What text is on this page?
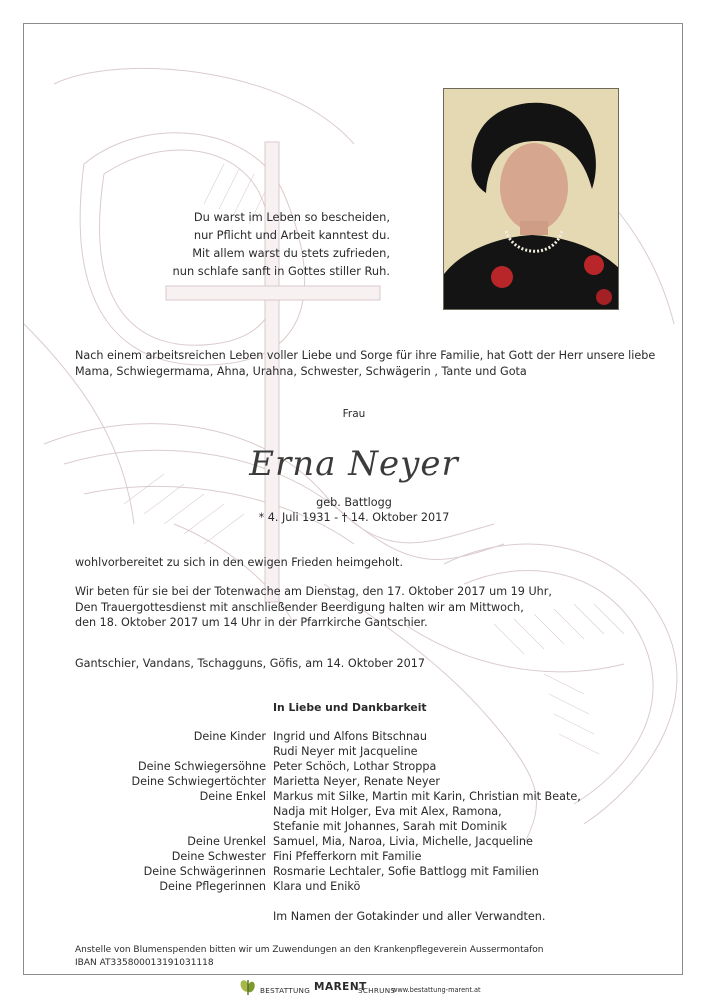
Du warst im Leben so bescheiden,
nur Pflicht und Arbeit kanntest du.
Mit allem warst du stets zufrieden,
nun schlafe sanft in Gottes stiller Ruh.
Nach einem arbeitsreichen Leben voller Liebe und Sorge für ihre Familie, hat Gott der Herr unsere liebe
Mama, Schwiegermama, Ahna, Urahna, Schwester, Schwägerin , Tante und Gota
Frau
Erna Neyer
geb. Battlogg
* 4. Juli 1931 - † 14. Oktober 2017
wohlvorbereitet zu sich in den ewigen Frieden heimgeholt.
Wir beten für sie bei der Totenwache am Dienstag, den 17. Oktober 2017 um 19 Uhr,
Den Trauergottesdienst mit anschließender Beerdigung halten wir am Mittwoch,
den 18. Oktober 2017 um 14 Uhr in der Pfarrkirche Gantschier.
Gantschier, Vandans, Tschagguns, Göfis, am 14. Oktober 2017
In Liebe und Dankbarkeit
Deine Kinder Ingrid und Alfons Bitschnau
Rudi Neyer mit Jacqueline
Deine Schwiegersöhne Peter Schöch, Lothar Stroppa
Deine Schwiegertöchter Marietta Neyer, Renate Neyer
Deine Enkel Markus mit Silke, Martin mit Karin, Christian mit Beate,
Nadja mit Holger, Eva mit Alex, Ramona,
Stefanie mit Johannes, Sarah mit Dominik
Deine Urenkel Samuel, Mia, Naroa, Livia, Michelle, Jacqueline
Deine Schwester Fini Pfefferkorn mit Familie
Deine Schwägerinnen Rosmarie Lechtaler, Sofie Battlogg mit Familien
Deine Pflegerinnen Klara und Enikö
Im Namen der Gotakinder und aller Verwandten.
Anstelle von Blumenspenden bitten wir um Zuwendungen an den Krankenpflegeverein Aussermontafon
IBAN AT335800013191031118
BESTATTUNG MARENT
SCHRUNS
www.bestattung-marent.at
